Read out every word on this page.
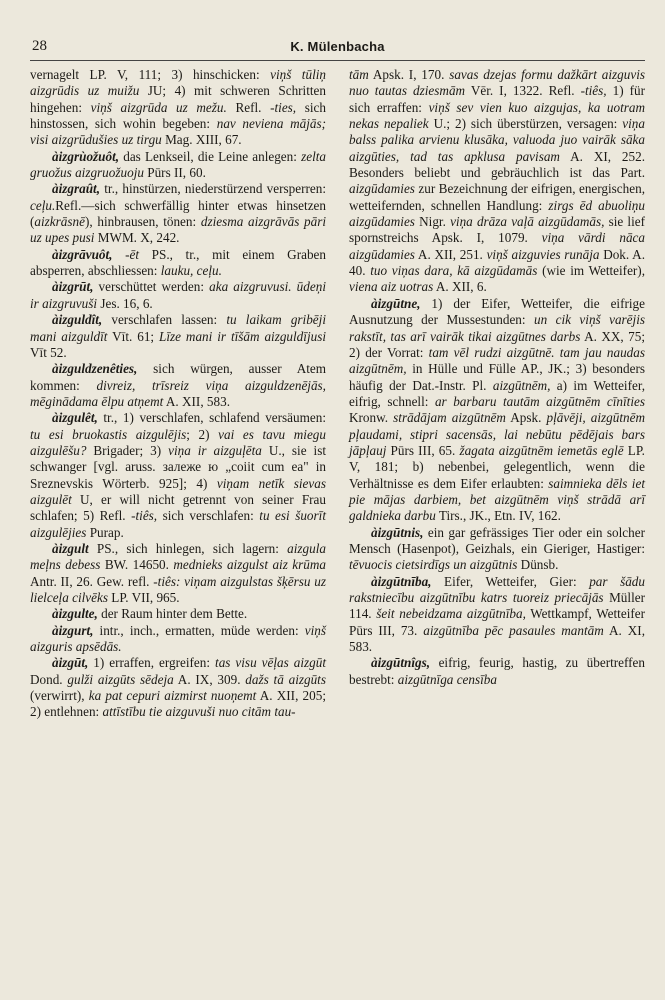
28	K. Mülenbacha

vernagelt LP. V, 111; 3) hinschicken: viņš tūliņ aizgrūdis uz muižu JU; 4) mit schweren Schritten hingehen: viņš aizgrūda uz mežu. Refl. -ties, sich hinstossen, sich wohin begeben: nav neviena mājās; visi aizgrūdušies uz tirgu Mag. XIII, 67.

àizgrùožuôt, das Lenkseil, die Leine anlegen: zelta gruožus aizgruožuoju Pūrs II, 60.

àizgraût, tr., hinstürzen, niederstürzend versperren: ceļu.Refl.—sich schwerfällig hinter etwas hinsetzen (aizkrāsnē), hinbrausen, tönen: dziesma aizgrāvās pāri uz upes pusi MWM. X, 242.

àizgrāvuôt, -ēt PS., tr., mit einem Graben absperren, abschliessen: lauku, ceļu.

àizgrūt, verschüttet werden: aka aizgruvusi. ūdeņi ir aizgruvuši Jes. 16, 6.

àizguldît, verschlafen lassen: tu laikam gribēji mani aizguldīt Vīt. 61; Līze mani ir tīšām aizguldījusi Vīt 52.

àizguldzenêties, sich würgen, ausser Atem kommen: divreiz, trīsreiz viņa aizguldzenējās, mēginādama ēlpu atņemt A. XII, 583.

àizgulêt, tr., 1) verschlafen, schlafend versäumen: tu esi bruokastis aizgulējis; 2) vai es tavu miegu aizgulēšu? Brigader; 3) viņa ir aizguļēta U., sie ist schwanger [vgl. aruss. залеже ю „coiit cum ea" in Sreznevskis Wörterb. 925]; 4) viņam netīk sievas aizgulēt U, er will nicht getrennt von seiner Frau schlafen; 5) Refl. -tiês, sich verschlafen: tu esi šuorīt aizgulējies Purap.

àizgult PS., sich hinlegen, sich lagern: aizgula meļns debess BW. 14650. mednieks aizgulst aiz krūma Antr. II, 26. Gew. refl. -tiês: viņam aizgulstas šķērsu uz lielceļa cilvēks LP. VII, 965.

àizgulte, der Raum hinter dem Bette.

àizgurt, intr., inch., ermatten, müde werden: viņš aizguris apsēdās.

àizgūt, 1) erraffen, ergreifen: tas visu vēļas aizgūt Dond. gulži aizgūts sēdeja A. IX, 309. dažs tā aizgūts (verwirrt), ka pat cepuri aizmirst nuoņemt A. XII, 205; 2) entlehnen: attīstību tie aizguvuši nuo citām tau-

tām Apsk. I, 170. savas dzejas formu dažkārt aizguvis nuo tautas dziesmām Vēr. I, 1322. Refl. -tiês, 1) für sich erraffen: viņš sev vien kuo aizgujas, ka uotram nekas nepaliek U.; 2) sich überstürzen, versagen: viņa balss palika arvienu klusāka, valuoda juo vairāk sāka aizgūties, tad tas apklusa pavisam A. XI, 252. Besonders beliebt und gebräuchlich ist das Part. aizgūdamies zur Bezeichnung der eifrigen, energischen, wetteifernden, schnellen Handlung: zirgs ēd abuoliņu aizgūdamies Nigr. viņa drāza vaļā aizgūdamās, sie lief spornstreichs Apsk. I, 1079. viņa vārdi nāca aizgūdamies A. XII, 251. viņš aizguvies runāja Dok. A. 40. tuo viņas dara, kā aizgūdamās (wie im Wetteifer), viena aiz uotras A. XII, 6.

àizgūtne, 1) der Eifer, Wetteifer, die eifrige Ausnutzung der Mussestunden: un cik viņš varējis rakstīt, tas arī vairāk tikai aizgūtnes darbs A. XX, 75; 2) der Vorrat: tam vēl rudzi aizgūtnē. tam jau naudas aizgūtnēm, in Hülle und Fülle AP., JK.; 3) besonders häufig der Dat.-Instr. Pl. aizgūtnēm, a) im Wetteifer, eifrig, schnell: ar barbaru tautām aizgūtnēm cīnīties Kronw. strādājam aizgūtnēm Apsk. pļāvēji, aizgūtnēm pļaudami, stipri sacensās, lai nebūtu pēdējais bars jāpļauj Pūrs III, 65. žagata aizgūtnēm iemetās eglē LP. V, 181; b) nebenbei, gelegentlich, wenn die Verhältnisse es dem Eifer erlaubten: saimnieka dēls iet pie mājas darbiem, bet aizgūtnēm viņš strādā arī galdnieka darbu Tirs., JK., Etn. IV, 162.

àizgūtnis, ein gar gefrässiges Tier oder ein solcher Mensch (Hasenpot), Geizhals, ein Gieriger, Hastiger: tēvuocis cietsirdīgs un aizgūtnis Dünsb.

àizgūtnība, Eifer, Wetteifer, Gier: par šādu rakstniecību aizgūtnību katrs tuoreiz priecājās Müller 114. šeit nebeidzama aizgūtnība, Wettkampf, Wetteifer Pūrs III, 73. aizgūtnība pēc pasaules mantām A. XI, 583.

àizgūtnîgs, eifrig, feurig, hastig, zu übertreffen bestrebt: aizgūtnīga censība
